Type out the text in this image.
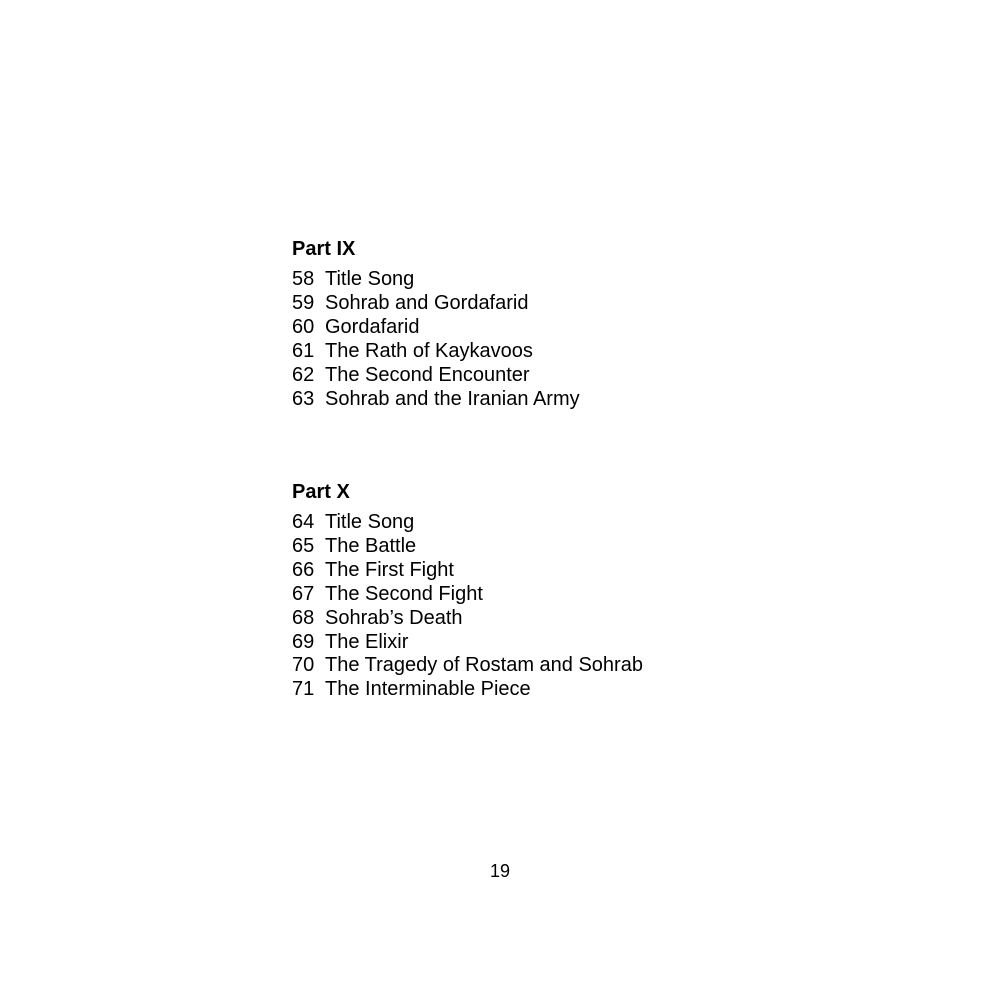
Part IX
58 Title Song
59 Sohrab and Gordafarid
60 Gordafarid
61 The Rath of Kaykavoos
62 The Second Encounter
63 Sohrab and the Iranian Army
Part X
64 Title Song
65 The Battle
66 The First Fight
67 The Second Fight
68 Sohrab’s Death
69 The Elixir
70 The Tragedy of Rostam and Sohrab
71 The Interminable Piece
19
